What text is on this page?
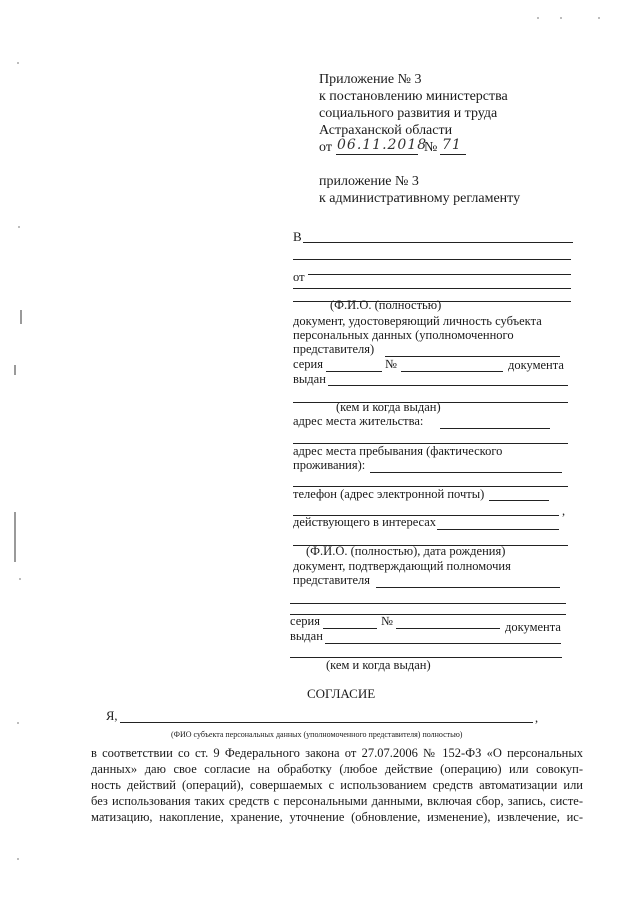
Приложение № 3
к постановлению министерства
социального развития и труда
Астраханской области
от 06.11.2018
№ 71
приложение № 3
к административному регламенту
В
от
(Ф.И.О. (полностью)
документ, удостоверяющий личность субъекта
персональных данных (уполномоченного
представителя)
серия	№	документа
выдан
(кем и когда выдан)
адрес места жительства:
адрес места пребывания (фактического
проживания):
телефон (адрес электронной почты)
,
действующего в интересах
(Ф.И.О. (полностью), дата рождения)
документ, подтверждающий полномочия
представителя
серия	№	документа
выдан
(кем и когда выдан)
СОГЛАСИЕ
Я,	,
(ФИО субъекта персональных данных (уполномоченного представителя) полностью)
в соответствии со ст. 9 Федерального закона от 27.07.2006 № 152-ФЗ «О персональных
данных» даю свое согласие на обработку (любое действие (операцию) или совокуп-
ность действий (операций), совершаемых с использованием средств автоматизации или
без использования таких средств с персональными данными, включая сбор, запись, систе-
матизацию, накопление, хранение, уточнение (обновление, изменение), извлечение, ис-
